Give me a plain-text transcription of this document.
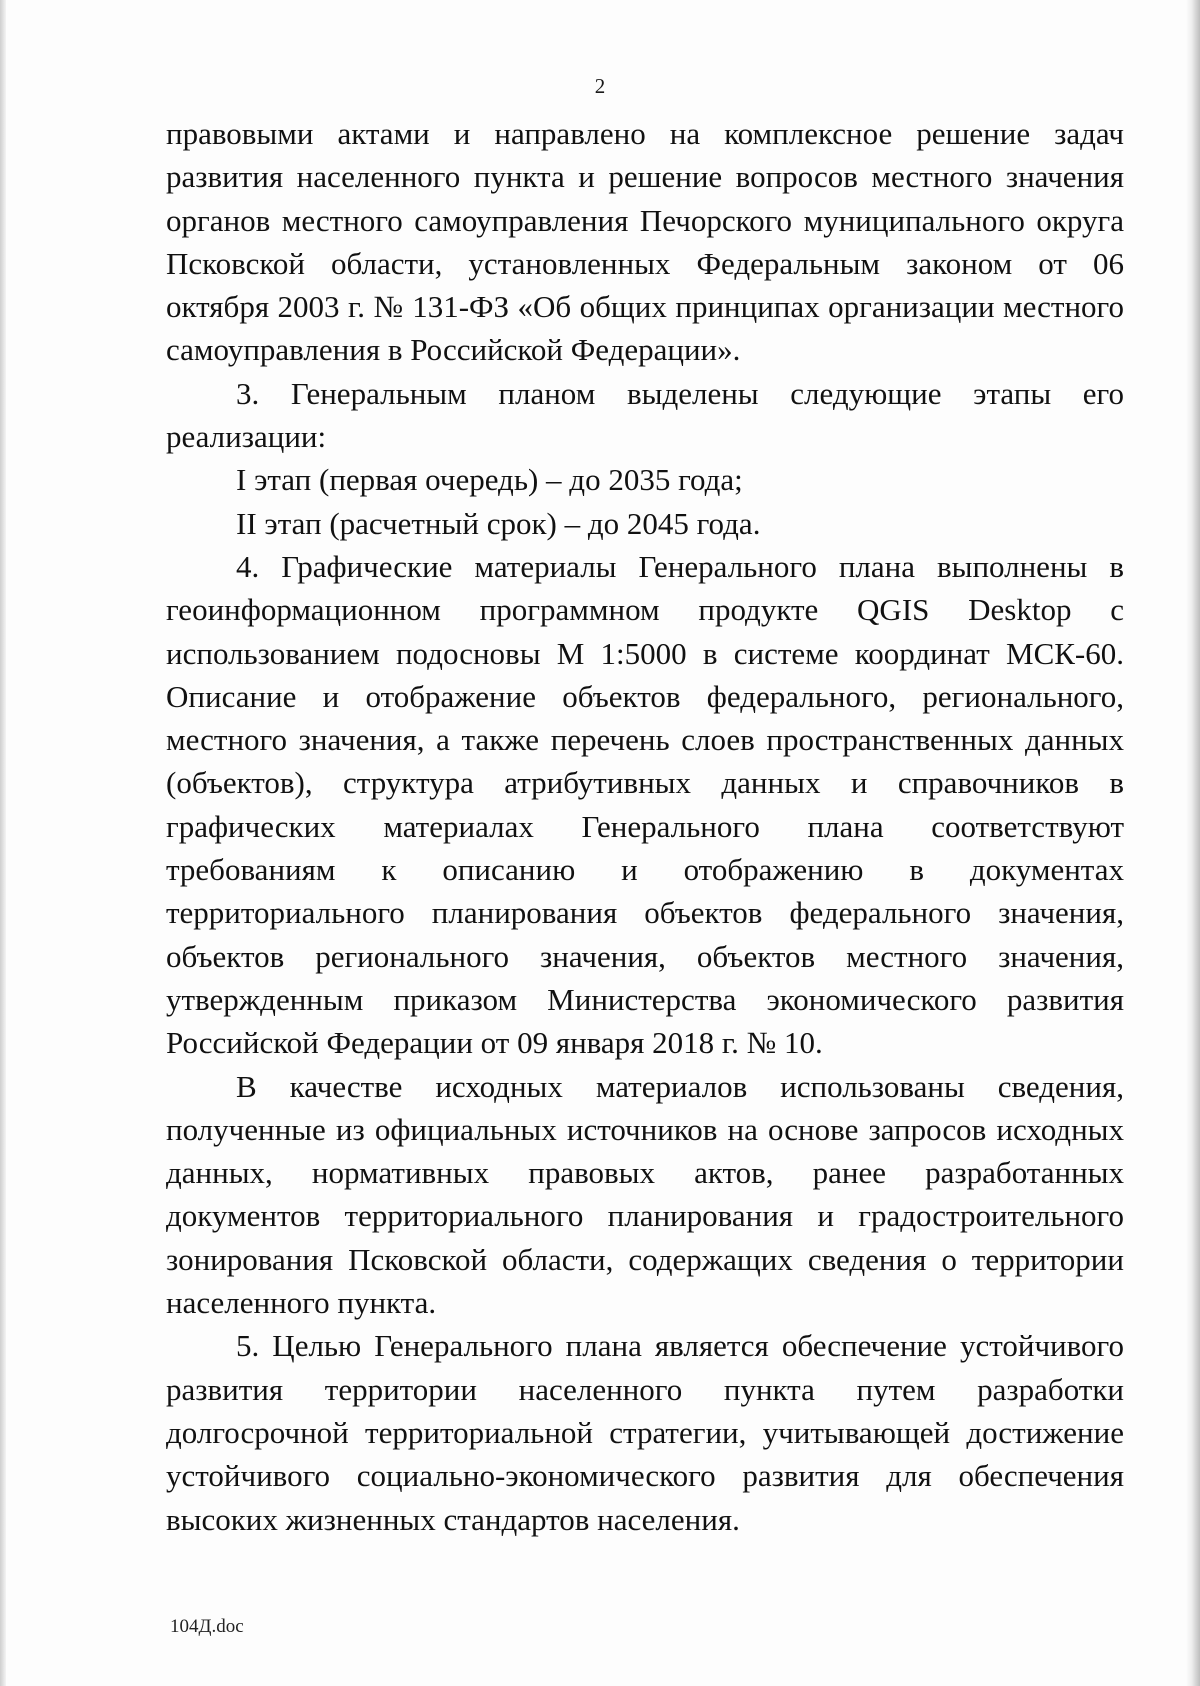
2

правовыми актами и направлено на комплексное решение задач развития населенного пункта и решение вопросов местного значения органов местного самоуправления Печорского муниципального округа Псковской области, установленных Федеральным законом от 06 октября 2003 г. № 131-ФЗ «Об общих принципах организации местного самоуправления в Российской Федерации».

3. Генеральным планом выделены следующие этапы его реализации:

I этап (первая очередь) – до 2035 года;

II этап (расчетный срок) – до 2045 года.

4. Графические материалы Генерального плана выполнены в геоинформационном программном продукте QGIS Desktop с использованием подосновы М 1:5000 в системе координат МСК-60. Описание и отображение объектов федерального, регионального, местного значения, а также перечень слоев пространственных данных (объектов), структура атрибутивных данных и справочников в графических материалах Генерального плана соответствуют требованиям к описанию и отображению в документах территориального планирования объектов федерального значения, объектов регионального значения, объектов местного значения, утвержденным приказом Министерства экономического развития Российской Федерации от 09 января 2018 г. № 10.

В качестве исходных материалов использованы сведения, полученные из официальных источников на основе запросов исходных данных, нормативных правовых актов, ранее разработанных документов территориального планирования и градостроительного зонирования Псковской области, содержащих сведения о территории населенного пункта.

5. Целью Генерального плана является обеспечение устойчивого развития территории населенного пункта путем разработки долгосрочной территориальной стратегии, учитывающей достижение устойчивого социально-экономического развития для обеспечения высоких жизненных стандартов населения.

104Д.doc
